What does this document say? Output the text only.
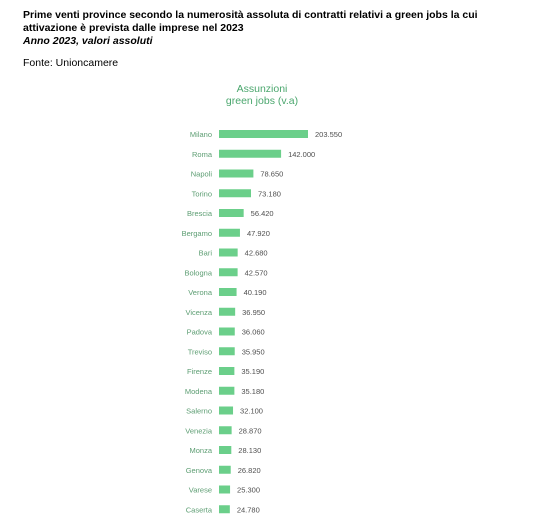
Prime venti province secondo la numerosità assoluta di contratti relativi a green jobs la cui attivazione è prevista dalle imprese nel 2023
Anno 2023, valori assoluti
Fonte: Unioncamere
Assunzioni
green jobs (v.a)
Milano	203.550
Roma	142.000
Napoli	78.650
Torino	73.180
Brescia	56.420
Bergamo	47.920
Bari	42.680
Bologna	42.570
Verona	40.190
Vicenza	36.950
Padova	36.060
Treviso	35.950
Firenze	35.190
Modena	35.180
Salerno	32.100
Venezia	28.870
Monza	28.130
Genova	26.820
Varese	25.300
Caserta	24.780
